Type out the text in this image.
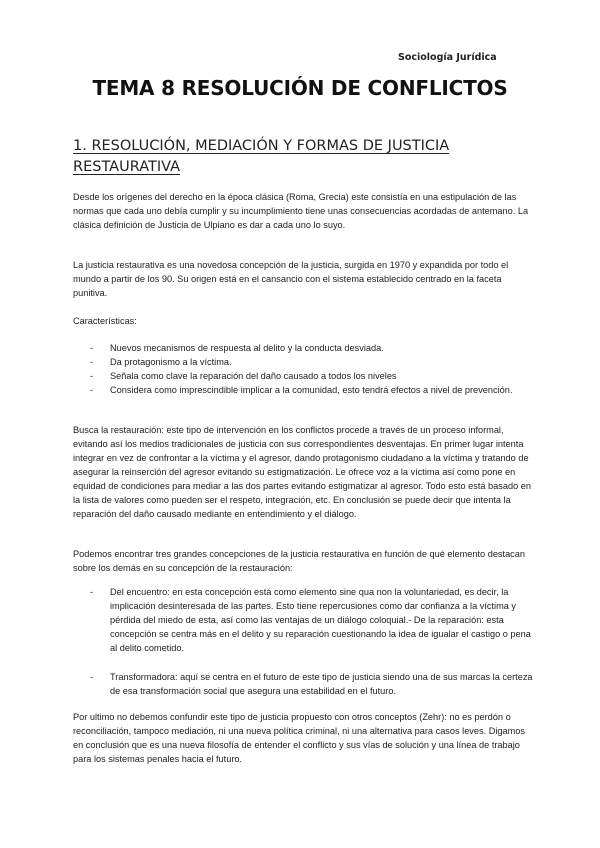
Sociología Jurídica
TEMA 8 RESOLUCIÓN DE CONFLICTOS
1. RESOLUCIÓN, MEDIACIÓN Y FORMAS DE JUSTICIA RESTAURATIVA

Desde los orígenes del derecho en la época clásica (Roma, Grecia) este consistía en una estipulación de las normas que cada uno debía cumplir y su incumplimiento tiene unas consecuencias acordadas de antemano. La clásica definición de Justicia de Ulpiano es dar a cada uno lo suyo.

La justicia restaurativa es una novedosa concepción de la justicia, surgida en 1970 y expandida por todo el mundo a partir de los 90. Su origen está en el cansancio con el sistema establecido centrado en la faceta punitiva.

Características:

- Nuevos mecanismos de respuesta al delito y la conducta desviada.
- Da protagonismo a la víctima.
- Señala como clave la reparación del daño causado a todos los niveles
- Considera como imprescindible implicar a la comunidad, esto tendrá efectos a nivel de prevención.

Busca la restauración: este tipo de intervención en los conflictos procede a través de un proceso informal, evitando así los medios tradicionales de justicia con sus correspondientes desventajas. En primer lugar intenta integrar en vez de confrontar a la víctima y el agresor, dando protagonismo ciudadano a la víctima y tratando de asegurar la reinserción del agresor evitando su estigmatización. Le ofrece voz a la víctima así como pone en equidad de condiciones para mediar a las dos partes evitando estigmatizar al agresor. Todo esto está basado en la lista de valores como pueden ser el respeto, integración, etc. En conclusión se puede decir que intenta la reparación del daño causado mediante en entendimiento y el diálogo.

Podemos encontrar tres grandes concepciones de la justicia restaurativa en función de qué elemento destacan sobre los demás en su concepción de la restauración:

- Del encuentro: en esta concepción está como elemento sine qua non la voluntariedad, es decir, la implicación desinteresada de las partes. Esto tiene repercusiones como dar confianza a la víctima y pérdida del miedo de esta, así como las ventajas de un diálogo coloquial.- De la reparación: esta concepción se centra más en el delito y su reparación cuestionando la idea de igualar el castigo o pena al delito cometido.
- Transformadora: aquí se centra en el futuro de este tipo de justicia siendo una de sus marcas la certeza de esa transformación social que asegura una estabilidad en el futuro.

Por ultimo no debemos confundir este tipo de justicia propuesto con otros conceptos (Zehr): no es perdón o reconciliación, tampoco mediación, ni una nueva política criminal, ni una alternativa para casos leves. Digamos en conclusión que es una nueva filosofía de entender el conflicto y sus vías de solución y una línea de trabajo para los sistemas penales hacia el futuro.
